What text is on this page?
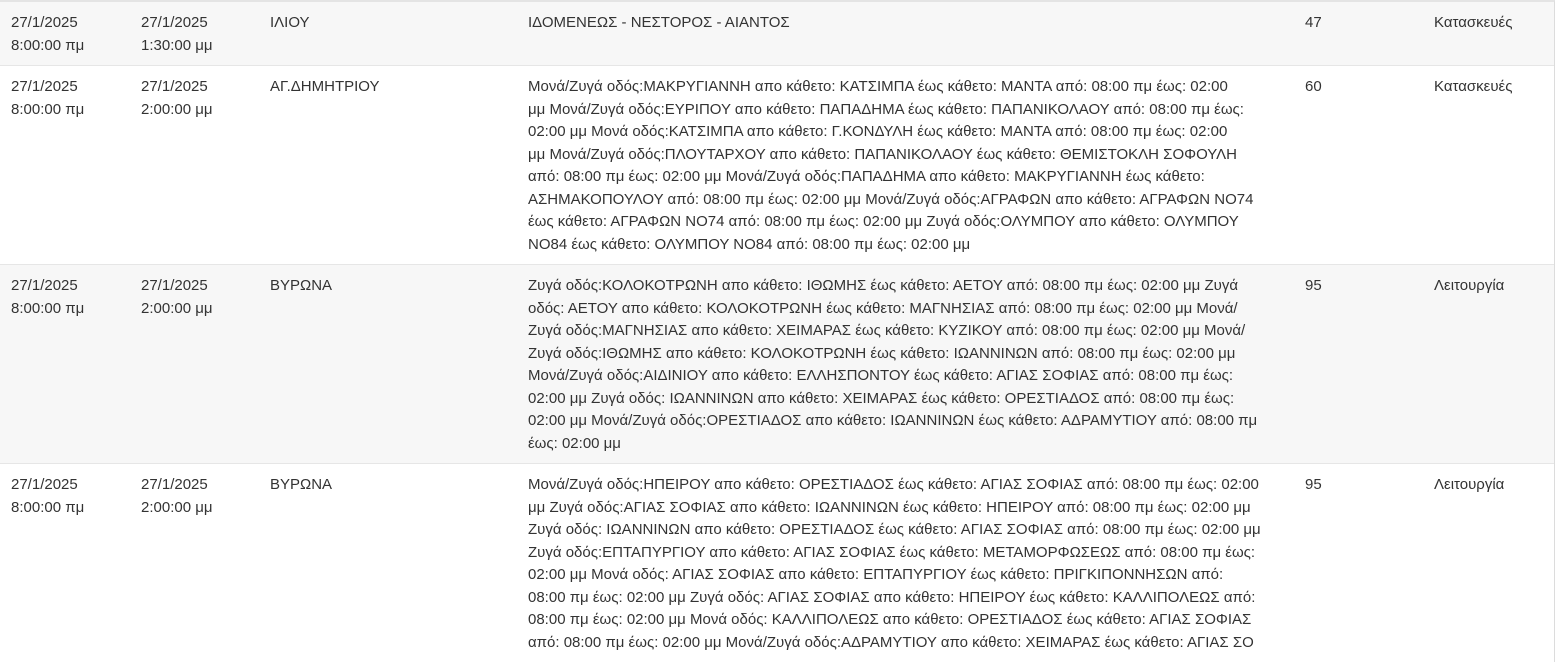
27/1/2025
8:00:00 πμ
27/1/2025
1:30:00 μμ
ΙΛΙΟΥ	ΙΔΟΜΕΝΕΩΣ - ΝΕΣΤΟΡΟΣ - ΑΙΑΝΤΟΣ	47	Κατασκευές
27/1/2025
8:00:00 πμ
27/1/2025
2:00:00 μμ
ΑΓ.ΔΗΜΗΤΡΙΟΥ	Μονά/Ζυγά οδός:ΜΑΚΡΥΓΙΑΝΝΗ απο κάθετο: ΚΑΤΣΙΜΠΑ έως κάθετο: ΜΑΝΤΑ από: 08:00 πμ έως: 02:00
μμ Μονά/Ζυγά οδός:ΕΥΡΙΠΟΥ απο κάθετο: ΠΑΠΑΔΗΜΑ έως κάθετο: ΠΑΠΑΝΙΚΟΛΑΟΥ από: 08:00 πμ έως:
02:00 μμ Μονά οδός:ΚΑΤΣΙΜΠΑ απο κάθετο: Γ.ΚΟΝΔΥΛΗ έως κάθετο: ΜΑΝΤΑ από: 08:00 πμ έως: 02:00
μμ Μονά/Ζυγά οδός:ΠΛΟΥΤΑΡΧΟΥ απο κάθετο: ΠΑΠΑΝΙΚΟΛΑΟΥ έως κάθετο: ΘΕΜΙΣΤΟΚΛΗ ΣΟΦΟΥΛΗ
από: 08:00 πμ έως: 02:00 μμ Μονά/Ζυγά οδός:ΠΑΠΑΔΗΜΑ απο κάθετο: ΜΑΚΡΥΓΙΑΝΝΗ έως κάθετο:
ΑΣΗΜΑΚΟΠΟΥΛΟΥ από: 08:00 πμ έως: 02:00 μμ Μονά/Ζυγά οδός:ΑΓΡΑΦΩΝ απο κάθετο: ΑΓΡΑΦΩΝ ΝΟ74
έως κάθετο: ΑΓΡΑΦΩΝ ΝΟ74 από: 08:00 πμ έως: 02:00 μμ Ζυγά οδός:ΟΛΥΜΠΟΥ απο κάθετο: ΟΛΥΜΠΟΥ
ΝΟ84 έως κάθετο: ΟΛΥΜΠΟΥ ΝΟ84 από: 08:00 πμ έως: 02:00 μμ
60	Κατασκευές
27/1/2025
8:00:00 πμ
27/1/2025
2:00:00 μμ
ΒΥΡΩΝΑ	Ζυγά οδός:ΚΟΛΟΚΟΤΡΩΝΗ απο κάθετο: ΙΘΩΜΗΣ έως κάθετο: ΑΕΤΟΥ από: 08:00 πμ έως: 02:00 μμ Ζυγά
οδός: ΑΕΤΟΥ απο κάθετο: ΚΟΛΟΚΟΤΡΩΝΗ έως κάθετο: ΜΑΓΝΗΣΙΑΣ από: 08:00 πμ έως: 02:00 μμ Μονά/
Ζυγά οδός:ΜΑΓΝΗΣΙΑΣ απο κάθετο: ΧΕΙΜΑΡΑΣ έως κάθετο: ΚΥΖΙΚΟΥ από: 08:00 πμ έως: 02:00 μμ Μονά/
Ζυγά οδός:ΙΘΩΜΗΣ απο κάθετο: ΚΟΛΟΚΟΤΡΩΝΗ έως κάθετο: ΙΩΑΝΝΙΝΩΝ από: 08:00 πμ έως: 02:00 μμ
Μονά/Ζυγά οδός:ΑΙΔΙΝΙΟΥ απο κάθετο: ΕΛΛΗΣΠΟΝΤΟΥ έως κάθετο: ΑΓΙΑΣ ΣΟΦΙΑΣ από: 08:00 πμ έως:
02:00 μμ Ζυγά οδός: ΙΩΑΝΝΙΝΩΝ απο κάθετο: ΧΕΙΜΑΡΑΣ έως κάθετο: ΟΡΕΣΤΙΑΔΟΣ από: 08:00 πμ έως:
02:00 μμ Μονά/Ζυγά οδός:ΟΡΕΣΤΙΑΔΟΣ απο κάθετο: ΙΩΑΝΝΙΝΩΝ έως κάθετο: ΑΔΡΑΜΥΤΙΟΥ από: 08:00 πμ
έως: 02:00 μμ
95	Λειτουργία
27/1/2025
8:00:00 πμ
27/1/2025
2:00:00 μμ
ΒΥΡΩΝΑ	Μονά/Ζυγά οδός:ΗΠΕΙΡΟΥ απο κάθετο: ΟΡΕΣΤΙΑΔΟΣ έως κάθετο: ΑΓΙΑΣ ΣΟΦΙΑΣ από: 08:00 πμ έως: 02:00
μμ Ζυγά οδός:ΑΓΙΑΣ ΣΟΦΙΑΣ απο κάθετο: ΙΩΑΝΝΙΝΩΝ έως κάθετο: ΗΠΕΙΡΟΥ από: 08:00 πμ έως: 02:00 μμ
Ζυγά οδός: ΙΩΑΝΝΙΝΩΝ απο κάθετο: ΟΡΕΣΤΙΑΔΟΣ έως κάθετο: ΑΓΙΑΣ ΣΟΦΙΑΣ από: 08:00 πμ έως: 02:00 μμ
Ζυγά οδός:ΕΠΤΑΠΥΡΓΙΟΥ απο κάθετο: ΑΓΙΑΣ ΣΟΦΙΑΣ έως κάθετο: ΜΕΤΑΜΟΡΦΩΣΕΩΣ από: 08:00 πμ έως:
02:00 μμ Μονά οδός: ΑΓΙΑΣ ΣΟΦΙΑΣ απο κάθετο: ΕΠΤΑΠΥΡΓΙΟΥ έως κάθετο: ΠΡΙΓΚΙΠΟΝΝΗΣΩΝ από:
08:00 πμ έως: 02:00 μμ Ζυγά οδός: ΑΓΙΑΣ ΣΟΦΙΑΣ απο κάθετο: ΗΠΕΙΡΟΥ έως κάθετο: ΚΑΛΛΙΠΟΛΕΩΣ από:
08:00 πμ έως: 02:00 μμ Μονά οδός: ΚΑΛΛΙΠΟΛΕΩΣ απο κάθετο: ΟΡΕΣΤΙΑΔΟΣ έως κάθετο: ΑΓΙΑΣ ΣΟΦΙΑΣ
από: 08:00 πμ έως: 02:00 μμ Μονά/Ζυγά οδός:ΑΔΡΑΜΥΤΙΟΥ απο κάθετο: ΧΕΙΜΑΡΑΣ έως κάθετο: ΑΓΙΑΣ ΣΟ
95	Λειτουργία
